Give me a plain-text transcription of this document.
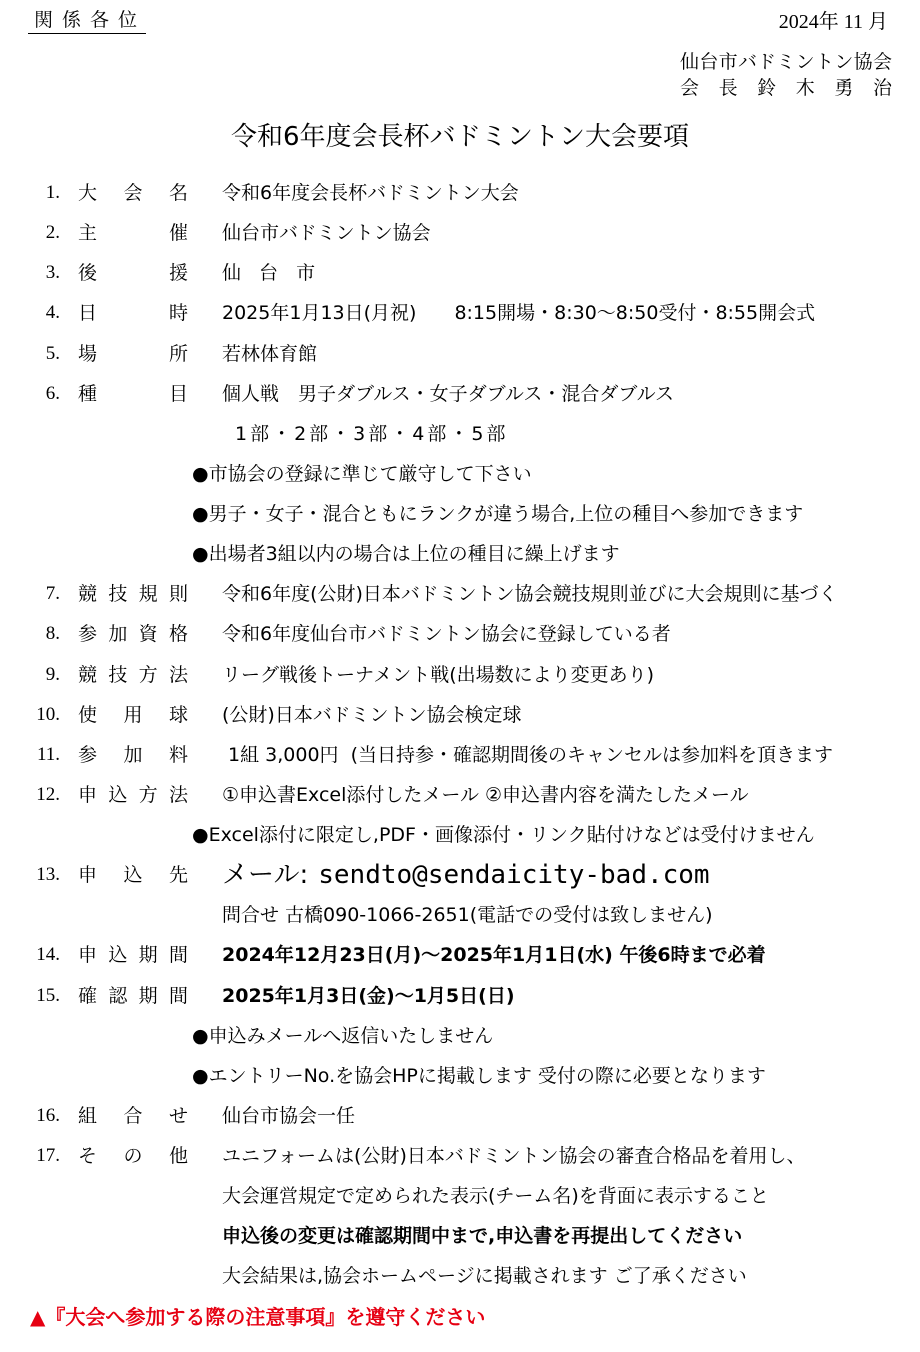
関係各位	2024年 11 月
仙台市バドミントン協会
会 長 鈴 木 勇 治
令和6年度会長杯バドミントン大会要項
1. 大 会 名 令和6年度会長杯バドミントン大会
2. 主 催 仙台市バドミントン協会
3. 後 援 仙 台 市
4. 日 時 2025年1月13日(月祝)　　8:15開場・8:30～8:50受付・8:55開会式
5. 場 所 若林体育館
6. 種 目 個人戦　男子ダブルス・女子ダブルス・混合ダブルス
1部・2部・3部・4部・5部
●市協会の登録に準じて厳守して下さい
●男子・女子・混合ともにランクが違う場合,上位の種目へ参加できます
●出場者3組以内の場合は上位の種目に繰上げます
7. 競 技 規 則 令和6年度(公財)日本バドミントン協会競技規則並びに大会規則に基づく
8. 参 加 資 格 令和6年度仙台市バドミントン協会に登録している者
9. 競 技 方 法 リーグ戦後トーナメント戦(出場数により変更あり)
10. 使 用 球 (公財)日本バドミントン協会検定球
11. 参 加 料 1組 3,000円  (当日持参・確認期間後のキャンセルは参加料を頂きます
12. 申 込 方 法 ①申込書Excel添付したメール ②申込書内容を満たしたメール
●Excel添付に限定し,PDF・画像添付・リンク貼付けなどは受付けません
13. 申 込 先 メール: sendto@sendaicity-bad.com
問合せ 古橋090-1066-2651(電話での受付は致しません)
14. 申 込 期 間 2024年12月23日(月)～2025年1月1日(水) 午後6時まで必着
15. 確 認 期 間 2025年1月3日(金)～1月5日(日)
●申込みメールへ返信いたしません
●エントリーNo.を協会HPに掲載します 受付の際に必要となります
16. 組 合 せ 仙台市協会一任
17. そ の 他 ユニフォームは(公財)日本バドミントン協会の審査合格品を着用し、
大会運営規定で定められた表示(チーム名)を背面に表示すること
申込後の変更は確認期間中まで,申込書を再提出してください
大会結果は,協会ホームページに掲載されます ご了承ください
▲『大会へ参加する際の注意事項』を遵守ください
